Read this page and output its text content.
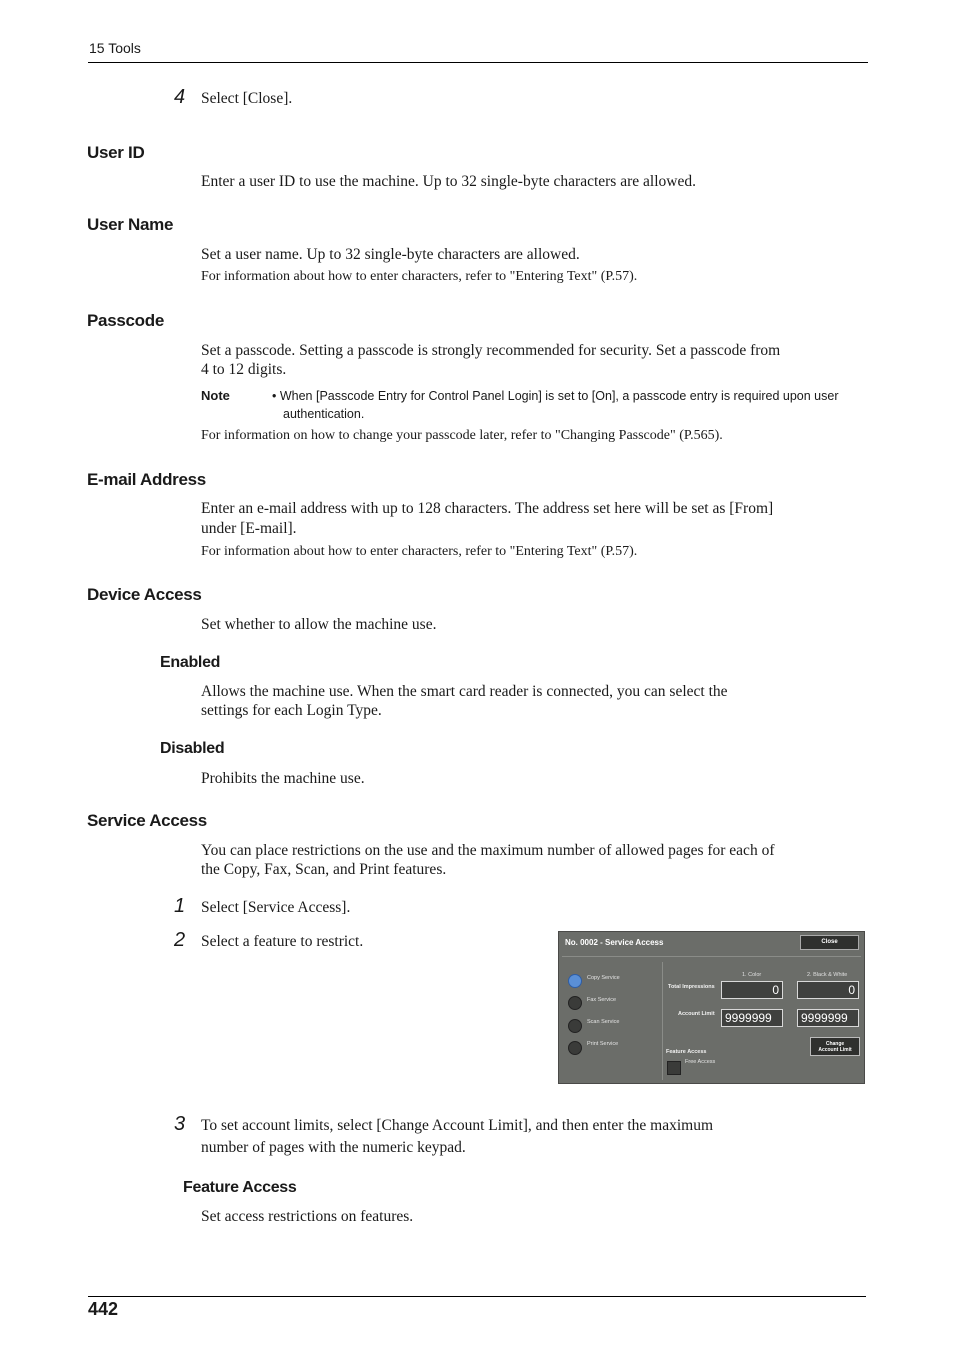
15 Tools
4 Select [Close].
User ID
Enter a user ID to use the machine. Up to 32 single-byte characters are allowed.
User Name
Set a user name. Up to 32 single-byte characters are allowed.
For information about how to enter characters, refer to "Entering Text" (P.57).
Passcode
Set a passcode. Setting a passcode is strongly recommended for security. Set a passcode from
4 to 12 digits.
Note	• When [Passcode Entry for Control Panel Login] is set to [On], a passcode entry is required upon user
authentication.
For information on how to change your passcode later, refer to "Changing Passcode" (P.565).
E-mail Address
Enter an e-mail address with up to 128 characters. The address set here will be set as [From]
under [E-mail].
For information about how to enter characters, refer to "Entering Text" (P.57).
Device Access
Set whether to allow the machine use.
Enabled
Allows the machine use. When the smart card reader is connected, you can select the
settings for each Login Type.
Disabled
Prohibits the machine use.
Service Access
You can place restrictions on the use and the maximum number of allowed pages for each of
the Copy, Fax, Scan, and Print features.
1 Select [Service Access].
2 Select a feature to restrict.	No. 0002 - Service Access	Close
Copy Service
Fax Service
Scan Service
Print Service
1. Color	2. Black & White
Total Impressions	0	0
Account Limit 9999999	9999999
Change
Account Limit
Feature Access
Free Access
3 To set account limits, select [Change Account Limit], and then enter the maximum
number of pages with the numeric keypad.
Feature Access
Set access restrictions on features.
442
